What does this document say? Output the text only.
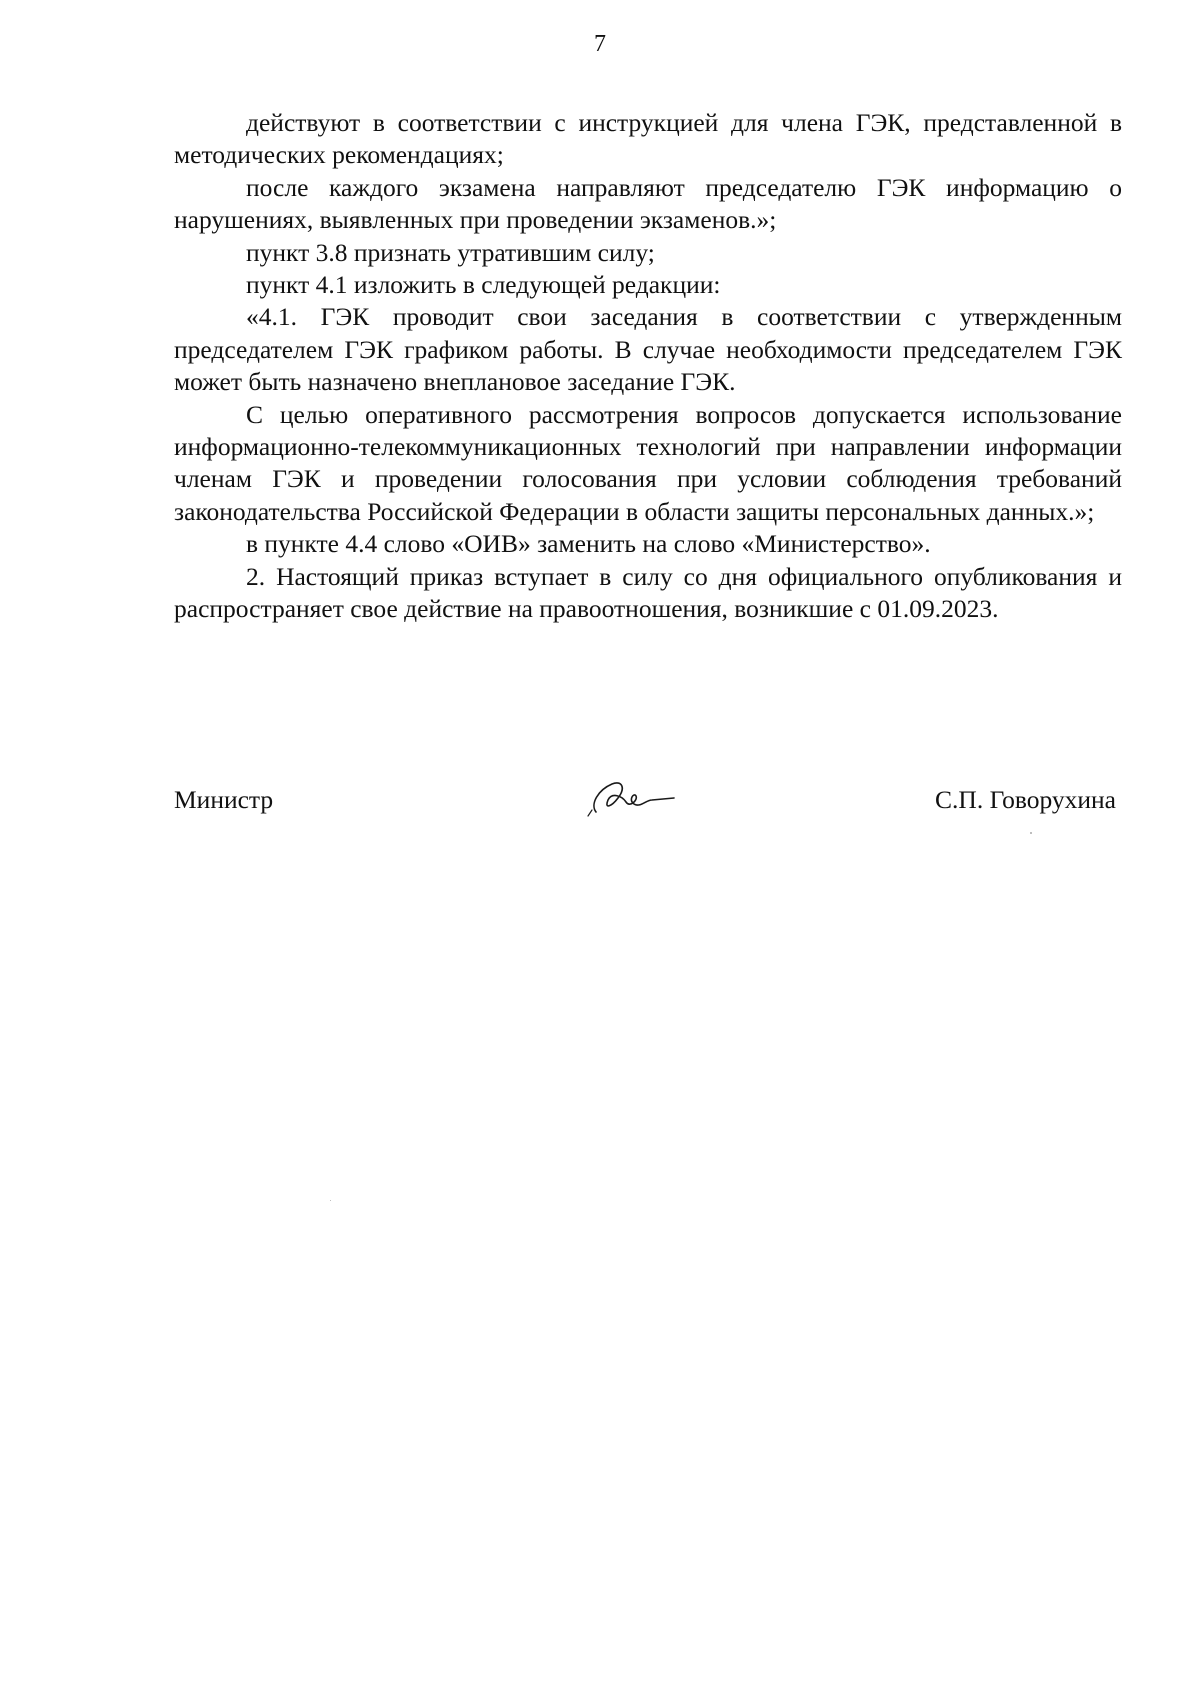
7

действуют в соответствии с инструкцией для члена ГЭК, представленной в методических рекомендациях;

после каждого экзамена направляют председателю ГЭК информацию о нарушениях, выявленных при проведении экзаменов.»;

пункт 3.8 признать утратившим силу;

пункт 4.1 изложить в следующей редакции:

«4.1. ГЭК проводит свои заседания в соответствии с утвержденным председателем ГЭК графиком работы. В случае необходимости председателем ГЭК может быть назначено внеплановое заседание ГЭК.

С целью оперативного рассмотрения вопросов допускается использование информационно-телекоммуникационных технологий при направлении информации членам ГЭК и проведении голосования при условии соблюдения требований законодательства Российской Федерации в области защиты персональных данных.»;

в пункте 4.4 слово «ОИВ» заменить на слово «Министерство».

2. Настоящий приказ вступает в силу со дня официального опубликования и распространяет свое действие на правоотношения, возникшие с 01.09.2023.

Министр	С.П. Говорухина
